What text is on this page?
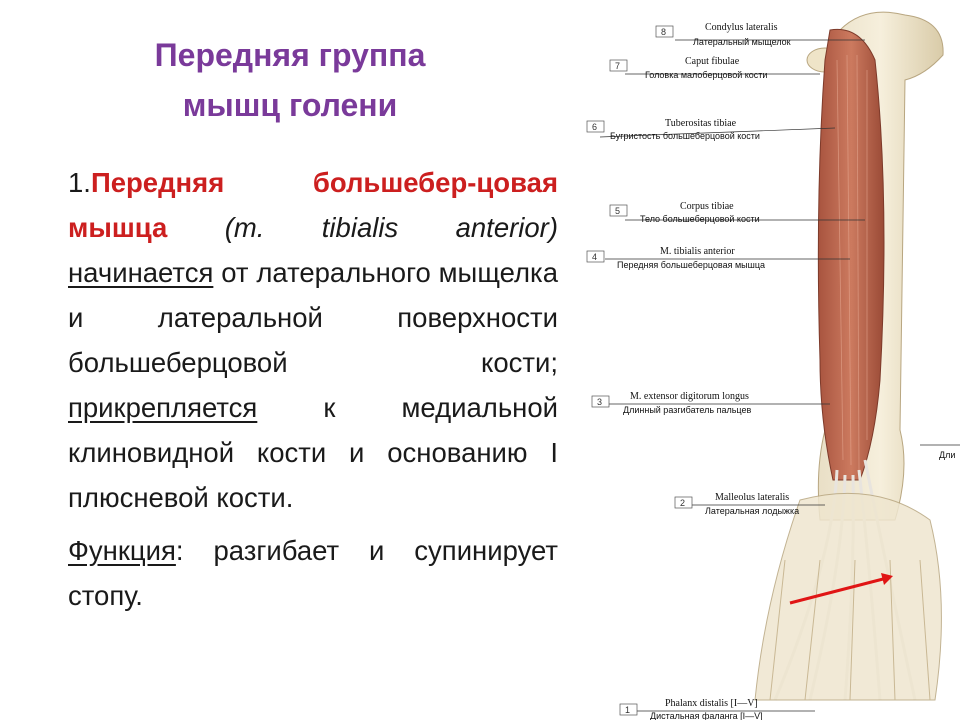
Передняя группа
мышц голени

1.Передняя большебер-цовая мышца (m. tibialis anterior) начинается от латерального мыщелка и латеральной поверхности большеберцовой кости; прикрепляется к медиальной клиновидной кости и основанию I плюсневой кости.

Функция: разгибает и супинирует стопу.

8
7
6
5
4
3
2
1
Condylus lateralis
Латеральный мыщелок
Caput fibulae
Головка малоберцовой кости
Tuberositas tibiae
Бугристость большеберцовой кости
Corpus tibiae
Тело большеберцовой кости
M. tibialis anterior
Передняя большеберцовая мышца
M. extensor digitorum longus
Длинный разгибатель пальцев
Malleolus lateralis
Латеральная лодыжка
Phalanx distalis [I—V]
Дистальная фаланга [I—V]
Дли
